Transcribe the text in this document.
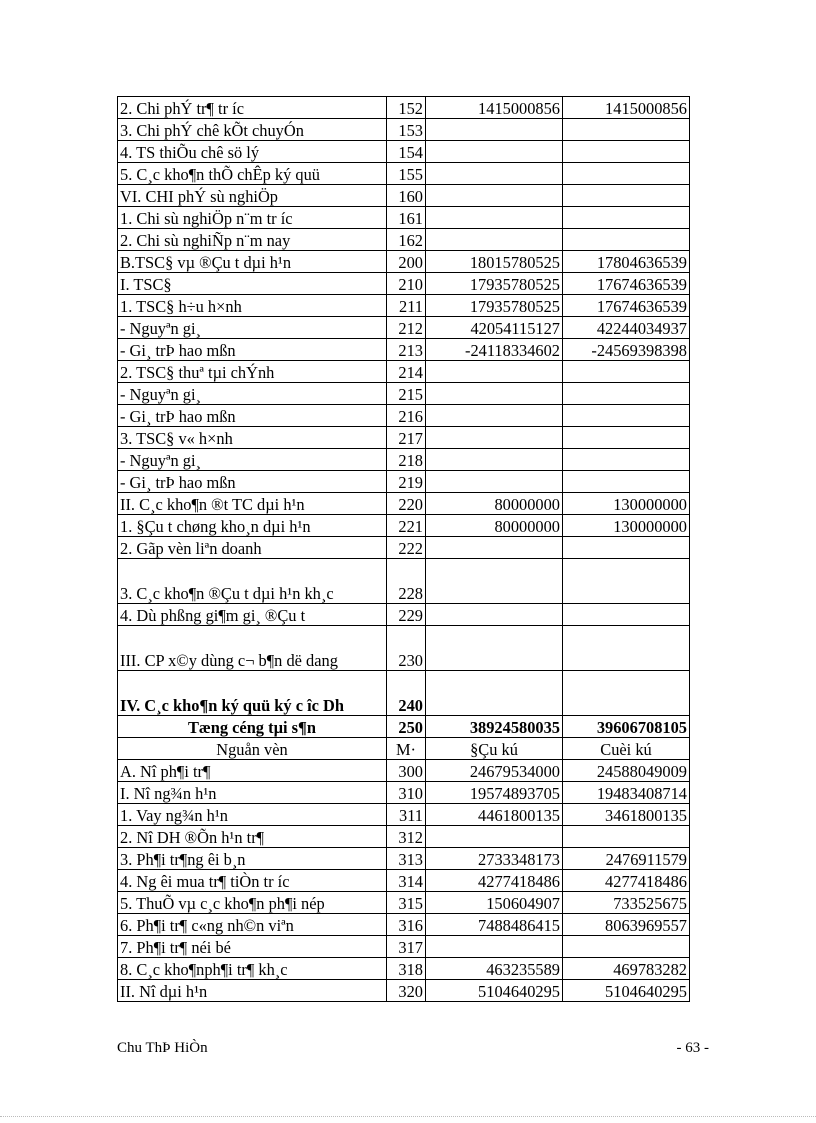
2. Chi phÝ tr¶ tr íc	152	1415000856	1415000856
3. Chi phÝ chê kÕt chuyÓn	153		
4. TS thiÕu chê sö lý	154		
5. C¸c kho¶n thÕ chÊp ký quü	155		
VI. CHI phÝ sù nghiÖp	160		
1. Chi sù nghiÖp n¨m tr íc	161		
2. Chi sù nghiÑp n¨m nay	162		
B.TSC§ vµ ®Çu t dµi h¹n	200	18015780525	17804636539
I. TSC§	210	17935780525	17674636539
1. TSC§ h÷u h×nh	211	17935780525	17674636539
- Nguyªn gi¸	212	42054115127	42244034937
- Gi¸ trÞ hao mßn	213	-24118334602	-24569398398
2. TSC§ thuª tµi chÝnh	214		
- Nguyªn gi¸	215		
- Gi¸ trÞ hao mßn	216		
3. TSC§ v« h×nh	217		
- Nguyªn gi¸	218		
- Gi¸ trÞ hao mßn	219		
II. C¸c kho¶n ®t TC dµi h¹n	220	80000000	130000000
1. §Çu t chøng kho¸n dµi h¹n	221	80000000	130000000
2. Gãp vèn liªn doanh	222		
3. C¸c kho¶n ®Çu t dµi h¹n kh¸c	228		
4. Dù phßng gi¶m gi¸ ®Çu t	229		
III. CP x©y dùng c¬ b¶n dë dang	230		
IV. C¸c kho¶n ký quü ký c îc Dh	240		
Tæng céng tµi s¶n	250	38924580035	39606708105
Nguån vèn	M·	§Çu kú	Cuèi kú
A. Nî ph¶i tr¶	300	24679534000	24588049009
I. Nî ng¾n h¹n	310	19574893705	19483408714
1. Vay ng¾n h¹n	311	4461800135	3461800135
2. Nî DH ®Õn h¹n tr¶	312		
3. Ph¶i tr¶ng êi b¸n	313	2733348173	2476911579
4. Ng êi mua tr¶ tiÒn tr íc	314	4277418486	4277418486
5. ThuÕ vµ c¸c kho¶n ph¶i nép	315	150604907	733525675
6. Ph¶i tr¶ c«ng nh©n viªn	316	7488486415	8063969557
7. Ph¶i tr¶ néi bé	317		
8. C¸c kho¶nph¶i tr¶ kh¸c	318	463235589	469783282
II. Nî dµi h¹n	320	5104640295	5104640295
Chu ThÞ HiÒn	- 63 -
